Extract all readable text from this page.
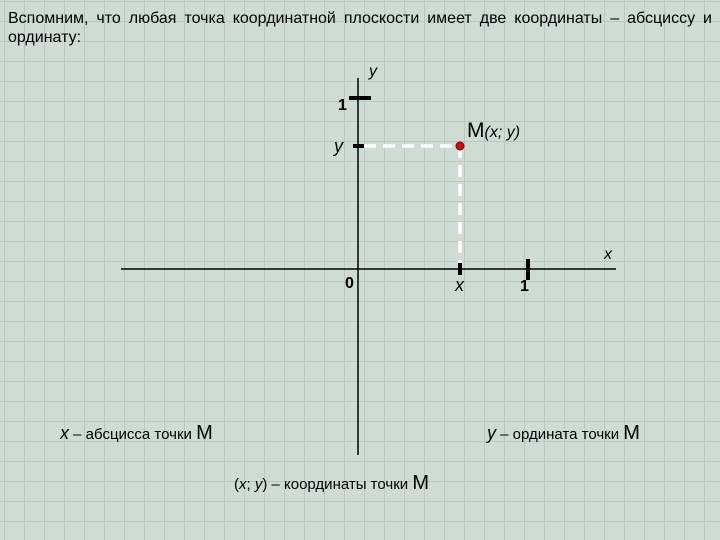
Вспомним, что любая точка координатной плоскости имеет две координаты – абсциссу и ординату:
y
x
1
1
0
y
x
M(x; y)
x – абсцисса точки M	y – ордината точки M
(x; y) – координаты точки M
